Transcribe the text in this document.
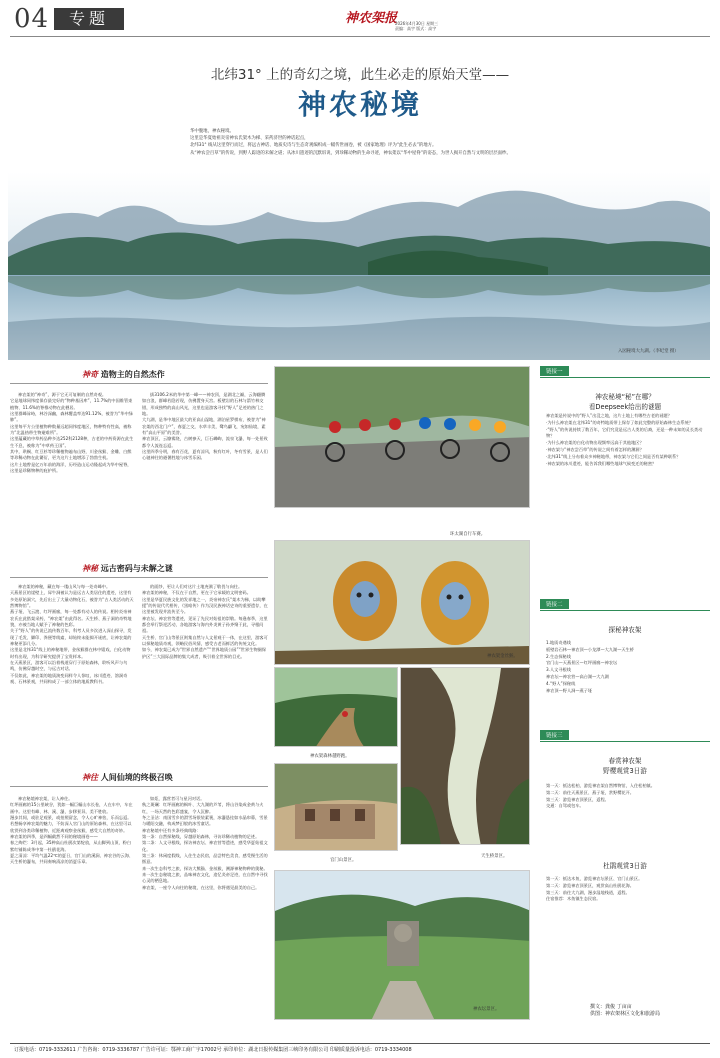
04	专题	神农架报
2026年4月30日 星期三
责编：高宇 版式：高宇
北纬31° 上的奇幻之境，此生必走的原始天堂——
神农秘境
华中腹地，神农秘境。
这里是华夏始祖炎帝神农氏架木为梯、采药济世的神话起点，
北纬31° 线从这里穿行而过，将远古神话、地质史诗与生态奇观编织成一幅传世画卷，被《国家地理》评为“此生必去”的地方。
从“神农尝百草”的传说，到野人踪迹的未解之谜；从冰川遗迹的沉默诉说，到珍稀动物的生命寻迹，神农架以“华中屋脊”的姿态，为世人揭开自然与文明的层层面纱。
入园秘境大九湖。（李纪堂 摄）
神奇 造物主的自然杰作
神农架的“神奇”，源于它无可复制的自然奇观。
它是地球同纬度保存最完好的“物种基因库”，11.7%的中国维管束植物、11.6%的脊椎动物在此栖居。
这里群峰耸峙，林谷深幽，森林覆盖率达91.12%，被誉为“华中绿肺”。
这里每平方公里植物种数量远超同纬度地区，物种特有性高，被称为“北温热带生物避难所”。
这里蕴藏的中草药品种多达252科2128种，古老的中药资源在此生生不息，被称为“中草药王国”。
其中，珙桐、红豆杉等珍稀植物遍布山野，川金丝猴、金雕、白熊等珍稀动物在此繁衍，更为这片土地增添了勃勃生机。
这片土地曾是亿万年前的海洋，历经造山运动隆起成为华中屋脊，这里是珍稀物种的庇护所。
拔3106.2米的华中第一峰——神农顶，是湖北之巅，云海翻腾如白浪，群峰若隐若现，仿佛置身天宫。板壁岩的石林与箭竹林交错，形成独特的高山风光，这里也是游客寻找“野人”足迹的热门之地。
大九湖，是华中地区最大的亚高山湿地，湖泊星罗棋布，被誉为“神农架的西北门户”，春夏之交，水草丰美，鹭鸟翩飞，宛如仙境，素有“高山平原”的美誉。
神农顶区，云缭雾绕，古树参天，巨石嶙峋，流泉飞瀑，每一处景致都令人流连忘返。
这里四季分明，春有百花，夏有凉风，秋有红叶，冬有雪景，是人们心驰神往的避暑胜地与冰雪乐园。
神秘 远古密码与未解之谜
神农架的神秘，藏在每一缕山风与每一处奇峰中。
天燕景区的崖壁上，犀牛洞被认为是远古人类居住的遗迹，这里有多处原始洞穴，先后出土了大量动物化石，被誉为“古人类活动的天然博物馆”。
燕子垭、飞云渡、红坪画廊，每一处都有动人的传说。相传炎帝神农氏在此搭架采药，“神农架”由此得名。天生桥、燕子洞的奇特地貌，亦被当地人赋予了神秘的色彩。
关于“野人”的传说已流传数百年，科考人员多次进入深山探寻，发现了毛发、脚印、粪便等线索，却始终未能揭开谜底，让神农架的神秘更添几分。
这里是北纬31°线上的神秘地带，金丝猴群在林中嬉戏，白化动物时有出现，为科学研究提供了宝贵样本。
在天燕景区，游客可以沿着栈道穿行于原始森林，聆听风声与鸟鸣，仿佛穿越时空，与远古对话。
不仅如此，神农架的地质演变同样令人惊叹，冰川遗迹、溶洞奇观、石林景观，共同构成了一部立体的地质教科书。
的面纱，更让人们对这片土地充满了敬畏与向往。
神农架的神秘，不仅在于自然，更在于它承载的文明密码。
这里是华夏民族文化的发祥地之一，炎帝神农氏“架木为梯，以助攀援”的传说代代相传，《黑暗传》作为汉民族神话史诗的重要遗存，在这里被发现并流传至今。
神农坛、神农营等遗迹，见证了先民对始祖的崇敬。每逢春季，这里都会举行祭祀活动，各地游客与海内外炎黄子孙齐聚于此，寻根问祖。
天生桥、官门山等景区则集自然与人文景观于一体，在这里，游客可以探秘地质奇观，领略民俗风情，感受古老而鲜活的传统文化。
如今，神农架已成为“世界自然遗产”“世界地质公园”“世界生物圈保护区”三大国际品牌的集大成者，吸引着全世界的目光。
神往 人间仙境的终极召唤
神农秘境神农架，让人神往。
红坪画廊的15公里峡谷，犹如一幅巨幅山水长卷，人在车中，车在画中。这里有峰、林、溪、瀑，步移景异，美不胜收。
漫步其间，或驻足观景，或拍照留念，令人心旷神怡，乐而忘返。
若想畅享神农架的魅力，不妨深入官门山的原始森林，在这里可以欣赏到各类珍稀植物，近距离观察金丝猴，感受大自然的奇妙。
神农架的四季，是四幅截然不同的秘境画卷——
春之绚烂：3月起，35种高山杜鹃次第绽放，从山脚到山顶，粉白紫红铺陈成华中第一杜鹃花海。
夏之清凉：平均气温22℃的夏日，官门山的溪涧、神农谷的云海、天生桥的瀑布，共同奏响清凉的消夏乐章。
如炬，露营者可与星河对话。
秋之斑斓：红坪画廊的枫叶、大九湖的芦苇，将山谷染成金黄与火红，一场天然的色彩盛宴，令人沉醉。
冬之圣洁：南国雪乡的滑雪场银装素裹，冰瀑悬挂如水晶帘幕，雪景与暖阳交融，构成梦幻般的冰雪童话。
神农秘境中还有多条经典线路：
第一条：自然探秘线，穿越原始森林，寻访珍稀动植物的足迹。
第二条：人文寻根线，探访神农坛、神农营等遗迹，感受华夏始祖文化。
第三条：休闲度假线，入住生态民宿，品尝特色美食，感受慢生活的惬意。
来一次生态科考之旅，探访大熊猫、金丝猴，溯源神秘物种的奥秘。
来一次生态秘境之旅，品味神农文化，追忆炎帝足迹，在自然中寻找心灵的栖息地。
神农架，一座令人向往的秘境，在这里，你将遇见最美的自己。
环太湖自行车赛。
神农架金丝猴。
神农架森林越野跑。
天生桥景区。
官门山景区。
神农坛景区。
链接一
神农秘境“秘”在哪？
看Deepseek给出的谜题
神农架是传说中的“野人”出没之地，这片土地上有哪些古老的谜题？
·为什么神农架在北纬31°的奇特地质带上保存了如此完整的原始森林生态系统？
·“野人”的传说持续了数百年，它们究竟是远古人类的后裔，还是一种未知的灵长类动物？
·为什么神农架的白化动物出现频率远高于其他地区？
·神农架与“神农尝百草”的传说之间有着怎样的渊源？
·北纬31°线上分布着众多神秘地带，神农架与它们之间是否有某种联系？
·神农架的冰川遗迹，能告诉我们哪些地球气候变迁的秘密？
链接二
探秘神农架
1.地质奇遇线
板壁岩石林—神农顶—小龙潭—大九湖—天生桥
2.生态探秘线
官门山—天燕景区—红坪画廊—神农坛
3.人文寻根线
神农坛—神农营—高台湖—大九湖
4.“野人”探秘线
神农顶—野人洞—燕子垭
链接三
春赏神农架
野樱观赏3日游
第一天：抵达松柏，游览神农架自然博物馆，入住松柏镇。
第二天：前往天燕景区、燕子垭，赏野樱花开。
第三天：游览神农顶景区，返程。
交通：自驾或包车。
杜鹃观赏3日游
第一天：抵达木鱼，游览神农坛景区、官门山景区。
第二天：游览神农顶景区，观赏高山杜鹃花海。
第三天：前往大九湖，漫步湿地栈道，返程。
住宿推荐：木鱼镇生态民宿。
撰文：龚俊 丁亩亩
供图：神农架林区文化和旅游局
订报电话：0719-3332611 广告咨询：0719-3336787 广告许可证：鄂神工商广字17002号 承印单位：湖北日报传媒集团三峡印务有限公司 印刷质量投诉电话：0719-3334008
